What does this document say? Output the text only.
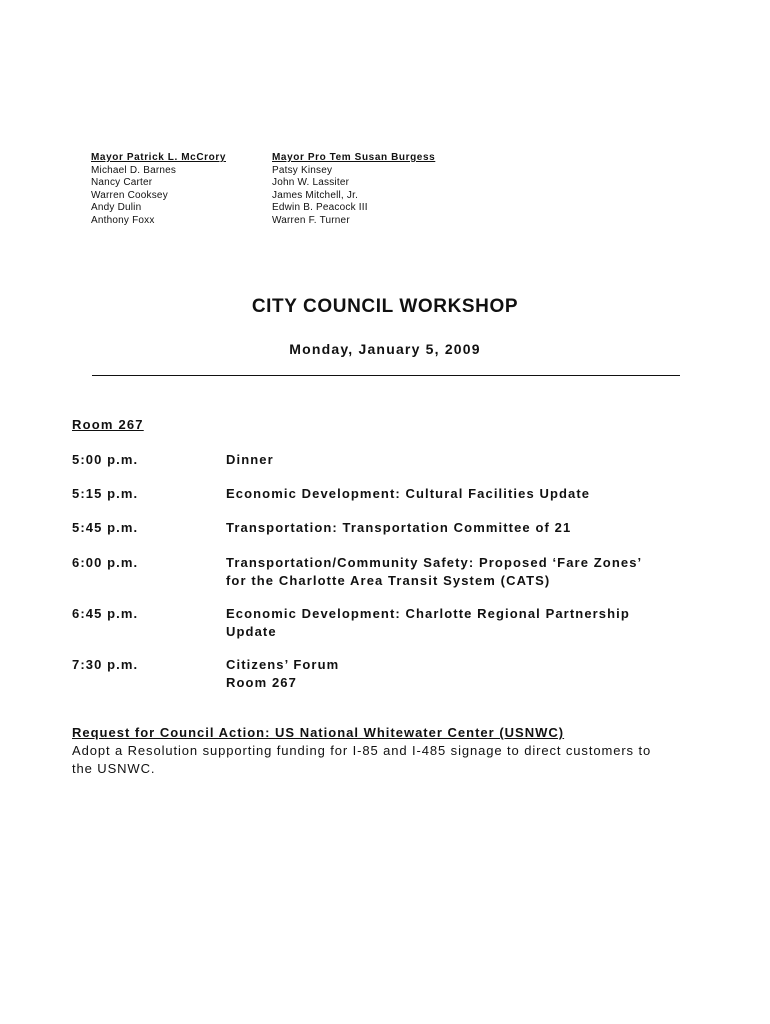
Mayor Patrick L. McCrory
Michael D. Barnes
Nancy Carter
Warren Cooksey
Andy Dulin
Anthony Foxx
Mayor Pro Tem Susan Burgess
Patsy Kinsey
John W. Lassiter
James Mitchell, Jr.
Edwin B. Peacock III
Warren F. Turner
CITY COUNCIL WORKSHOP
Monday, January 5, 2009
Room 267
5:00 p.m.	Dinner
5:15 p.m.	Economic Development: Cultural Facilities Update
5:45 p.m.	Transportation: Transportation Committee of 21
6:00 p.m.	Transportation/Community Safety: Proposed ‘Fare Zones’
for the Charlotte Area Transit System (CATS)
6:45 p.m.	Economic Development: Charlotte Regional Partnership
Update
7:30 p.m.	Citizens’ Forum
Room 267
Request for Council Action: US National Whitewater Center (USNWC)
Adopt a Resolution supporting funding for I-85 and I-485 signage to direct customers to
the USNWC.
